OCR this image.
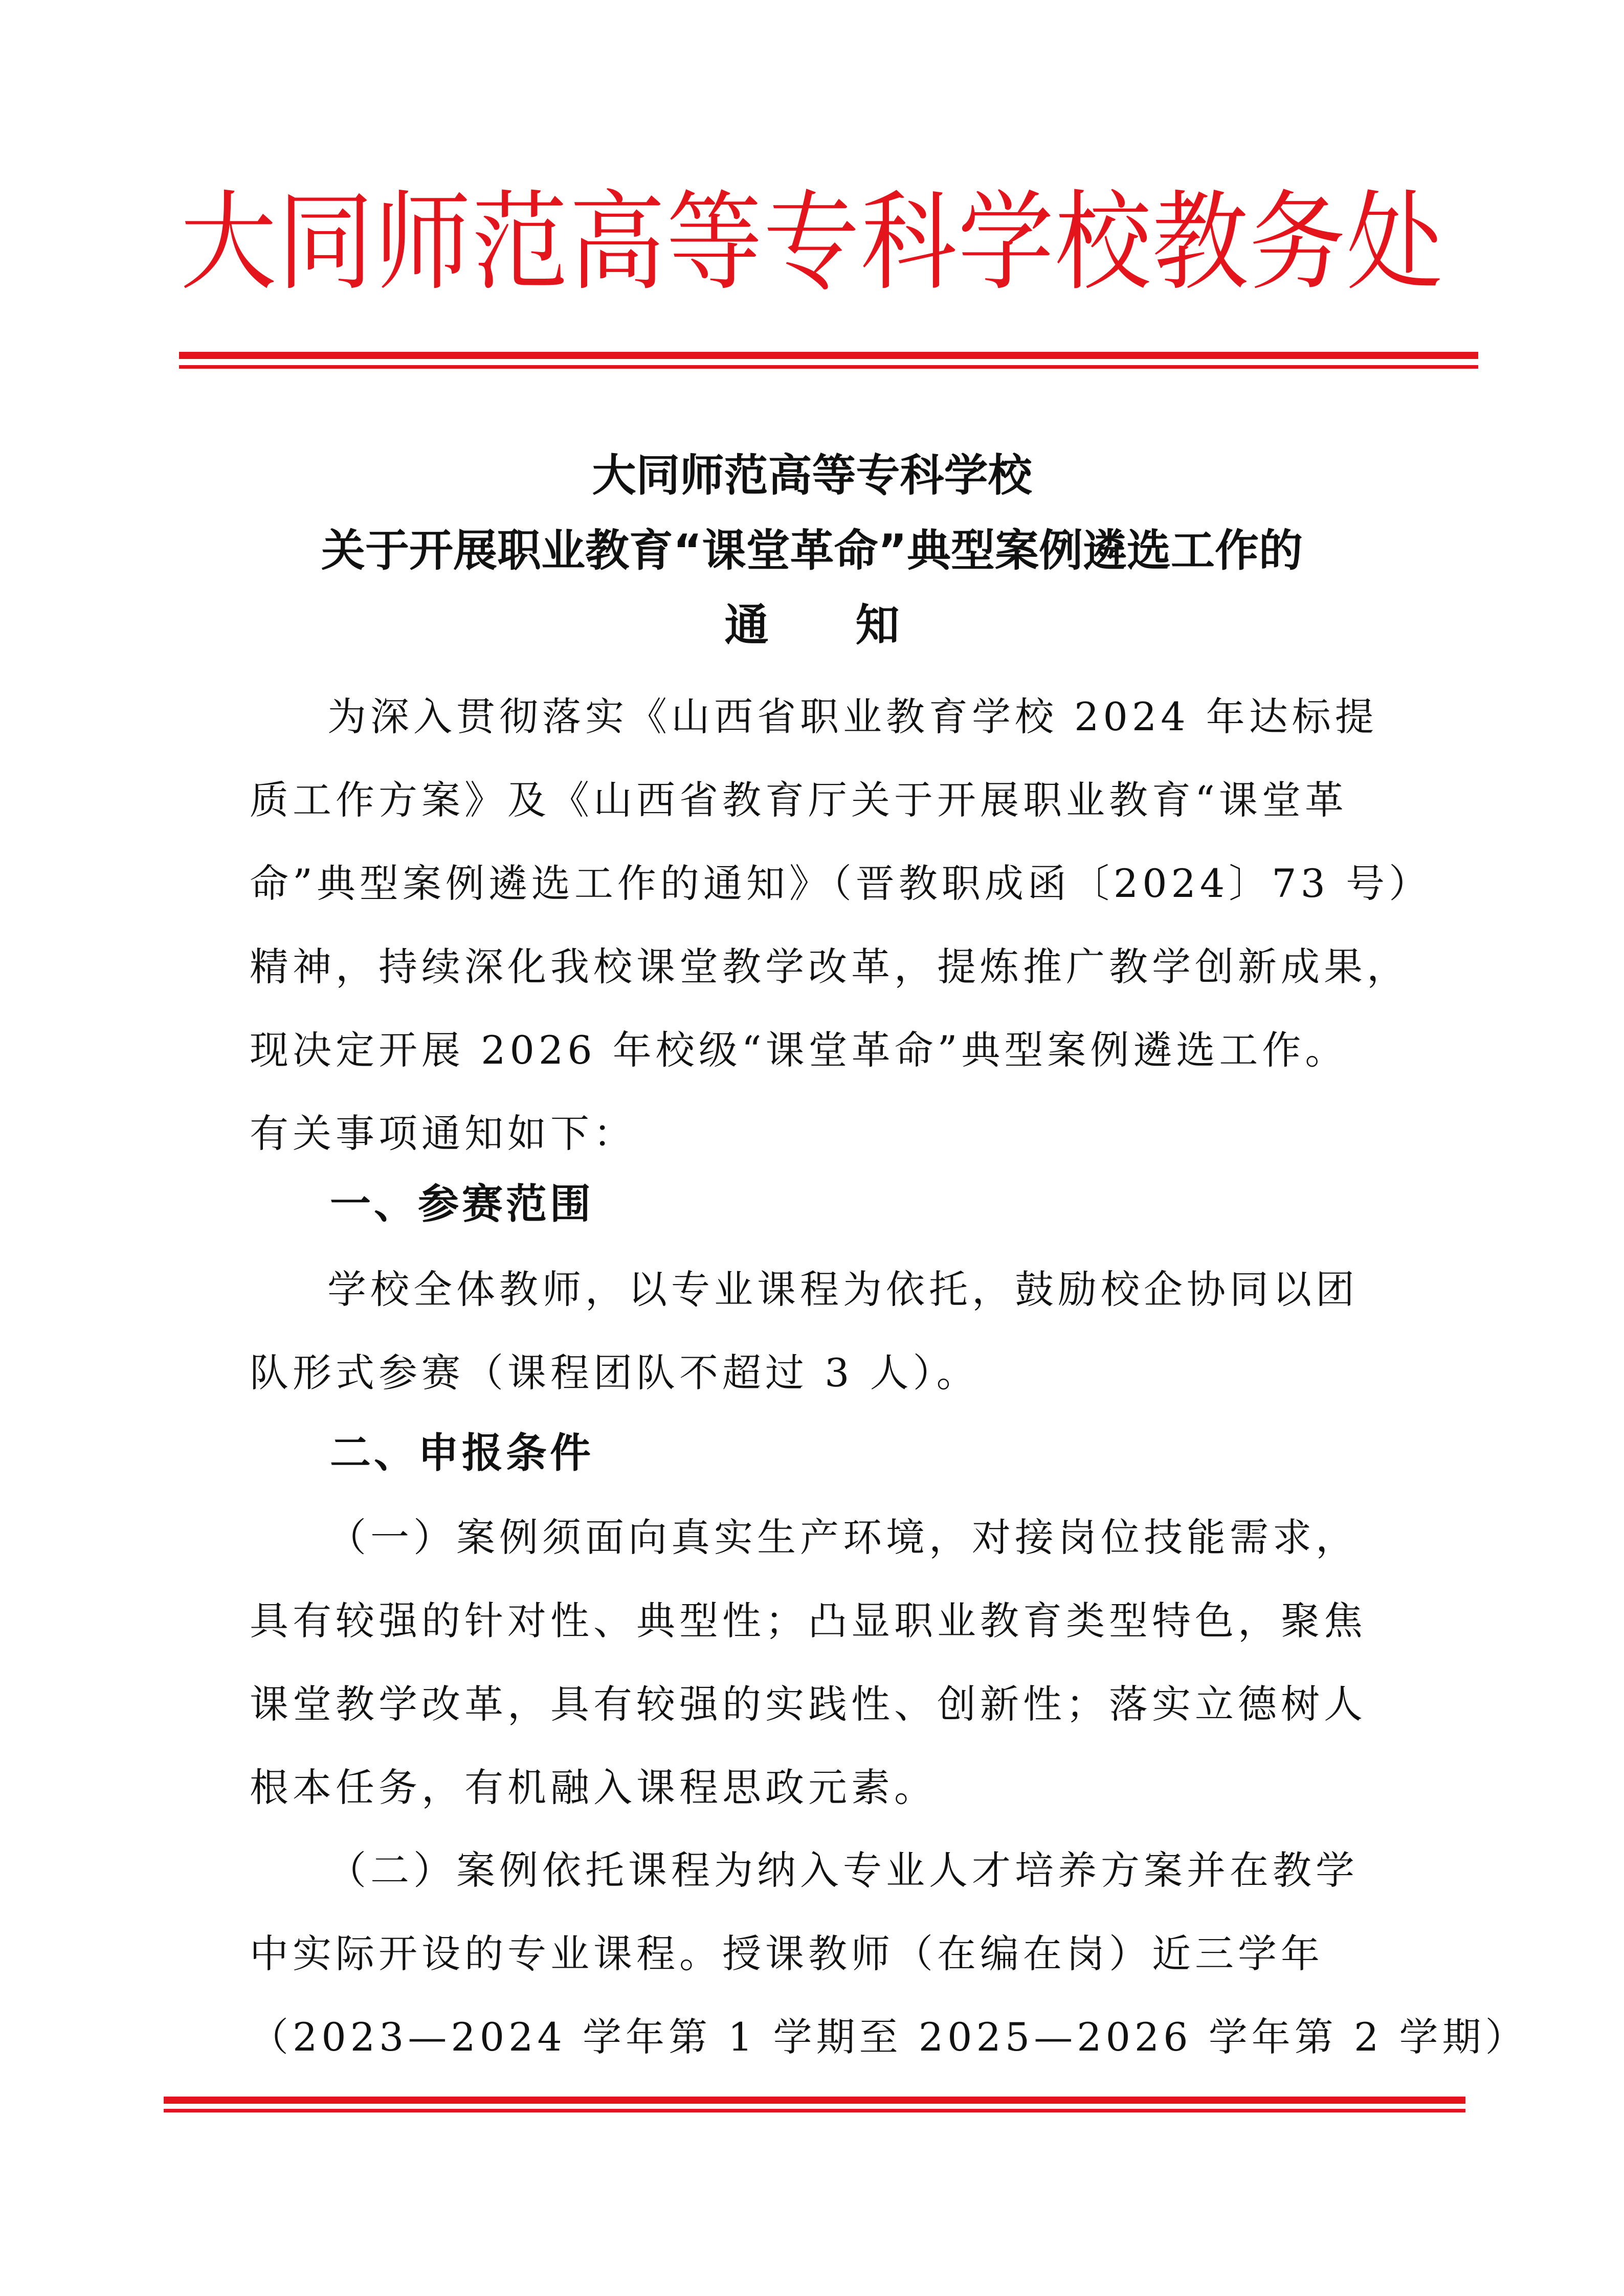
大同师范高等专科学校教务处
大同师范高等专科学校
关于开展职业教育“课堂革命”典型案例遴选工作的
通 知
为深入贯彻落实《山西省职业教育学校 2024 年达标提
质工作方案》及《山西省教育厅关于开展职业教育“课堂革
命”典型案例遴选工作的通知》（晋教职成函〔2024〕73 号）
精神，持续深化我校课堂教学改革，提炼推广教学创新成果，
现决定开展 2026 年校级“课堂革命”典型案例遴选工作。
有关事项通知如下：
一、参赛范围
学校全体教师，以专业课程为依托，鼓励校企协同以团
队形式参赛（课程团队不超过 3 人）。
二、申报条件
（一）案例须面向真实生产环境，对接岗位技能需求，
具有较强的针对性、典型性；凸显职业教育类型特色，聚焦
课堂教学改革，具有较强的实践性、创新性；落实立德树人
根本任务，有机融入课程思政元素。
（二）案例依托课程为纳入专业人才培养方案并在教学
中实际开设的专业课程。授课教师（在编在岗）近三学年
（2023—2024 学年第 1 学期至 2025—2026 学年第 2 学期）
